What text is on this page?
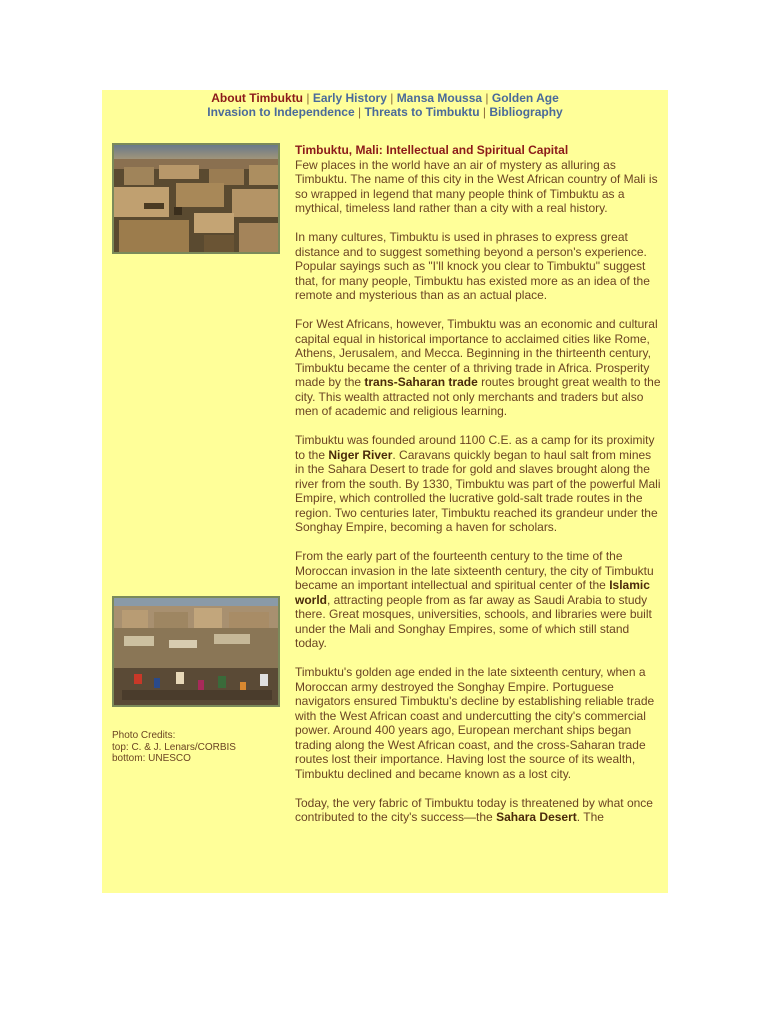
About Timbuktu | Early History | Mansa Moussa | Golden Age
Invasion to Independence | Threats to Timbuktu | Bibliography
Photo Credits:
top: C. & J. Lenars/CORBIS
bottom: UNESCO
Timbuktu, Mali: Intellectual and Spiritual Capital

Few places in the world have an air of mystery as alluring as Timbuktu. The name of this city in the West African country of Mali is so wrapped in legend that many people think of Timbuktu as a mythical, timeless land rather than a city with a real history.

In many cultures, Timbuktu is used in phrases to express great distance and to suggest something beyond a person's experience. Popular sayings such as "I'll knock you clear to Timbuktu" suggest that, for many people, Timbuktu has existed more as an idea of the remote and mysterious than as an actual place.

For West Africans, however, Timbuktu was an economic and cultural capital equal in historical importance to acclaimed cities like Rome, Athens, Jerusalem, and Mecca. Beginning in the thirteenth century, Timbuktu became the center of a thriving trade in Africa. Prosperity made by the trans-Saharan trade routes brought great wealth to the city. This wealth attracted not only merchants and traders but also men of academic and religious learning.

Timbuktu was founded around 1100 C.E. as a camp for its proximity to the Niger River. Caravans quickly began to haul salt from mines in the Sahara Desert to trade for gold and slaves brought along the river from the south. By 1330, Timbuktu was part of the powerful Mali Empire, which controlled the lucrative gold-salt trade routes in the region. Two centuries later, Timbuktu reached its grandeur under the Songhay Empire, becoming a haven for scholars.

From the early part of the fourteenth century to the time of the Moroccan invasion in the late sixteenth century, the city of Timbuktu became an important intellectual and spiritual center of the Islamic world, attracting people from as far away as Saudi Arabia to study there. Great mosques, universities, schools, and libraries were built under the Mali and Songhay Empires, some of which still stand today.

Timbuktu's golden age ended in the late sixteenth century, when a Moroccan army destroyed the Songhay Empire. Portuguese navigators ensured Timbuktu's decline by establishing reliable trade with the West African coast and undercutting the city's commercial power. Around 400 years ago, European merchant ships began trading along the West African coast, and the cross-Saharan trade routes lost their importance. Having lost the source of its wealth, Timbuktu declined and became known as a lost city.

Today, the very fabric of Timbuktu today is threatened by what once contributed to the city's success—the Sahara Desert. The
